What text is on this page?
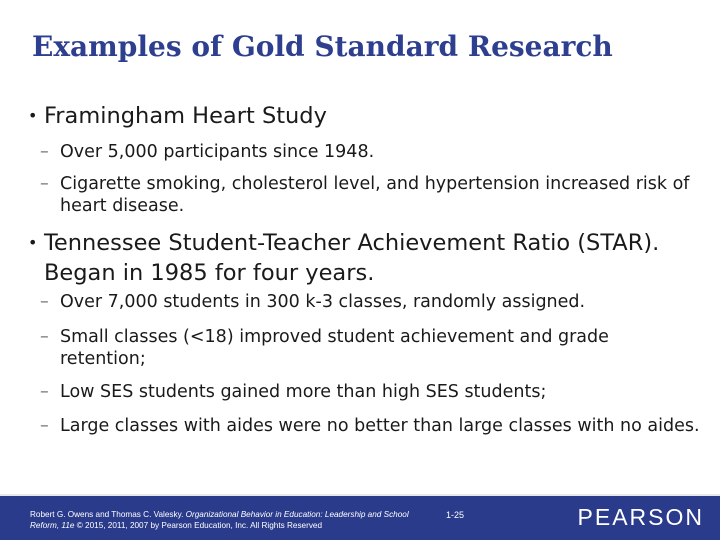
Examples of Gold Standard Research
• Framingham Heart Study
– Over 5,000 participants since 1948.
– Cigarette smoking, cholesterol level, and hypertension increased risk of heart disease.
• Tennessee Student-Teacher Achievement Ratio (STAR). Began in 1985 for four years.
– Over 7,000 students in 300 k-3 classes, randomly assigned.
– Small classes (<18) improved student achievement and grade retention;
– Low SES students gained more than high SES students;
– Large classes with aides were no better than large classes with no aides.
Robert G. Owens and Thomas C. Valesky. Organizational Behavior in Education: Leadership and School Reform, 11e © 2015, 2011, 2007 by Pearson Education, Inc. All Rights Reserved
1-25	PEARSON
